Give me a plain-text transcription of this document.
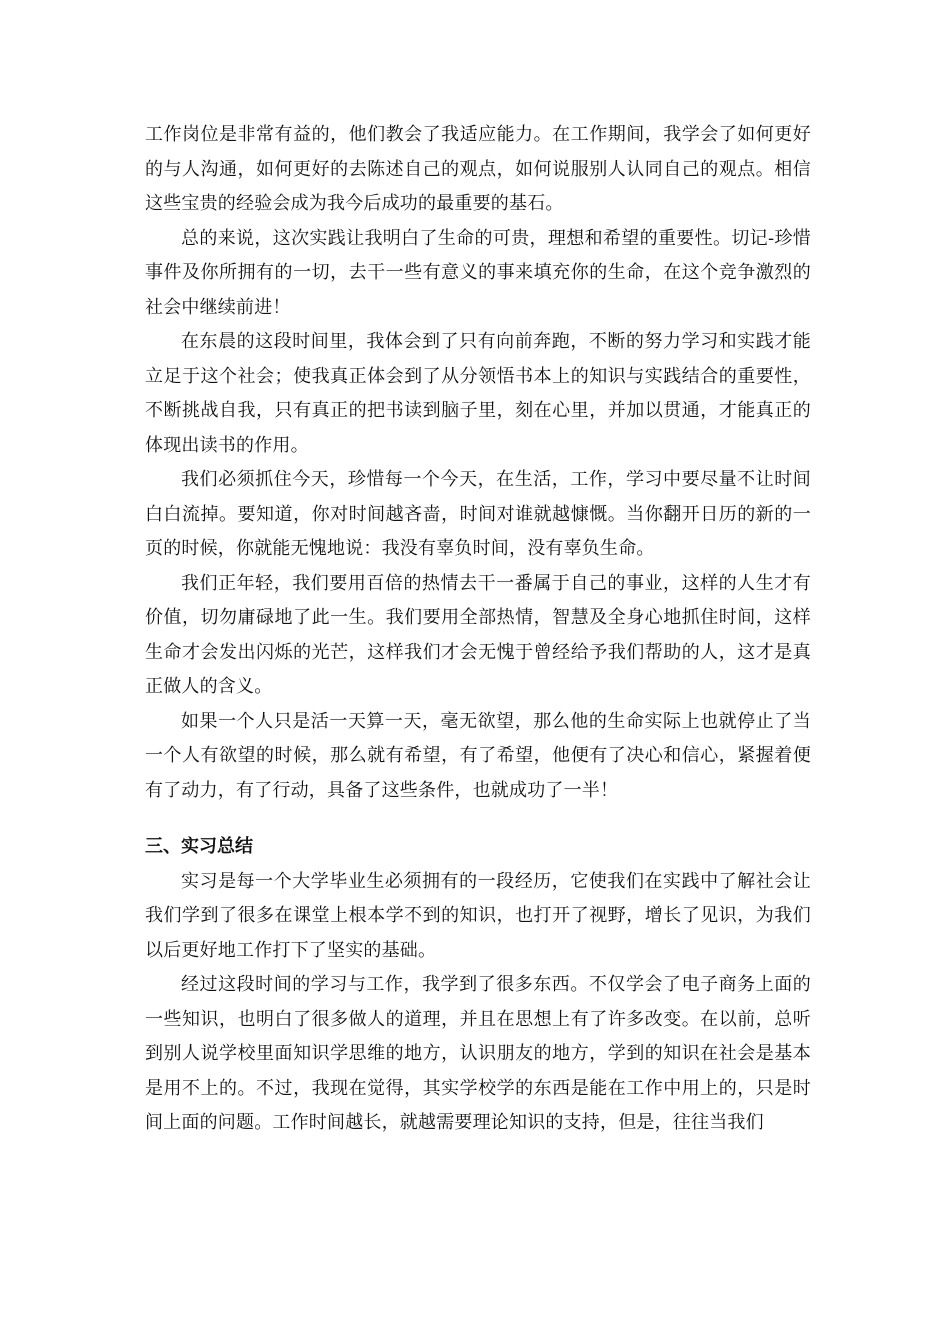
工作岗位是非常有益的，他们教会了我适应能力。在工作期间，我学会了如何更好的与人沟通，如何更好的去陈述自己的观点，如何说服别人认同自己的观点。相信这些宝贵的经验会成为我今后成功的最重要的基石。

总的来说，这次实践让我明白了生命的可贵，理想和希望的重要性。切记-珍惜事件及你所拥有的一切，去干一些有意义的事来填充你的生命，在这个竞争激烈的社会中继续前进！

在东晨的这段时间里，我体会到了只有向前奔跑，不断的努力学习和实践才能立足于这个社会；使我真正体会到了从分领悟书本上的知识与实践结合的重要性，不断挑战自我，只有真正的把书读到脑子里，刻在心里，并加以贯通，才能真正的体现出读书的作用。

我们必须抓住今天，珍惜每一个今天，在生活，工作，学习中要尽量不让时间白白流掉。要知道，你对时间越吝啬，时间对谁就越慷慨。当你翻开日历的新的一页的时候，你就能无愧地说：我没有辜负时间，没有辜负生命。

我们正年轻，我们要用百倍的热情去干一番属于自己的事业，这样的人生才有价值，切勿庸碌地了此一生。我们要用全部热情，智慧及全身心地抓住时间，这样生命才会发出闪烁的光芒，这样我们才会无愧于曾经给予我们帮助的人，这才是真正做人的含义。

如果一个人只是活一天算一天，毫无欲望，那么他的生命实际上也就停止了当一个人有欲望的时候，那么就有希望，有了希望，他便有了决心和信心，紧握着便有了动力，有了行动，具备了这些条件，也就成功了一半！

三、实习总结

实习是每一个大学毕业生必须拥有的一段经历，它使我们在实践中了解社会让我们学到了很多在课堂上根本学不到的知识，也打开了视野，增长了见识，为我们以后更好地工作打下了坚实的基础。

经过这段时间的学习与工作，我学到了很多东西。不仅学会了电子商务上面的一些知识，也明白了很多做人的道理，并且在思想上有了许多改变。在以前，总听到别人说学校里面知识学思维的地方，认识朋友的地方，学到的知识在社会是基本是用不上的。不过，我现在觉得，其实学校学的东西是能在工作中用上的，只是时间上面的问题。工作时间越长，就越需要理论知识的支持，但是，往往当我们
